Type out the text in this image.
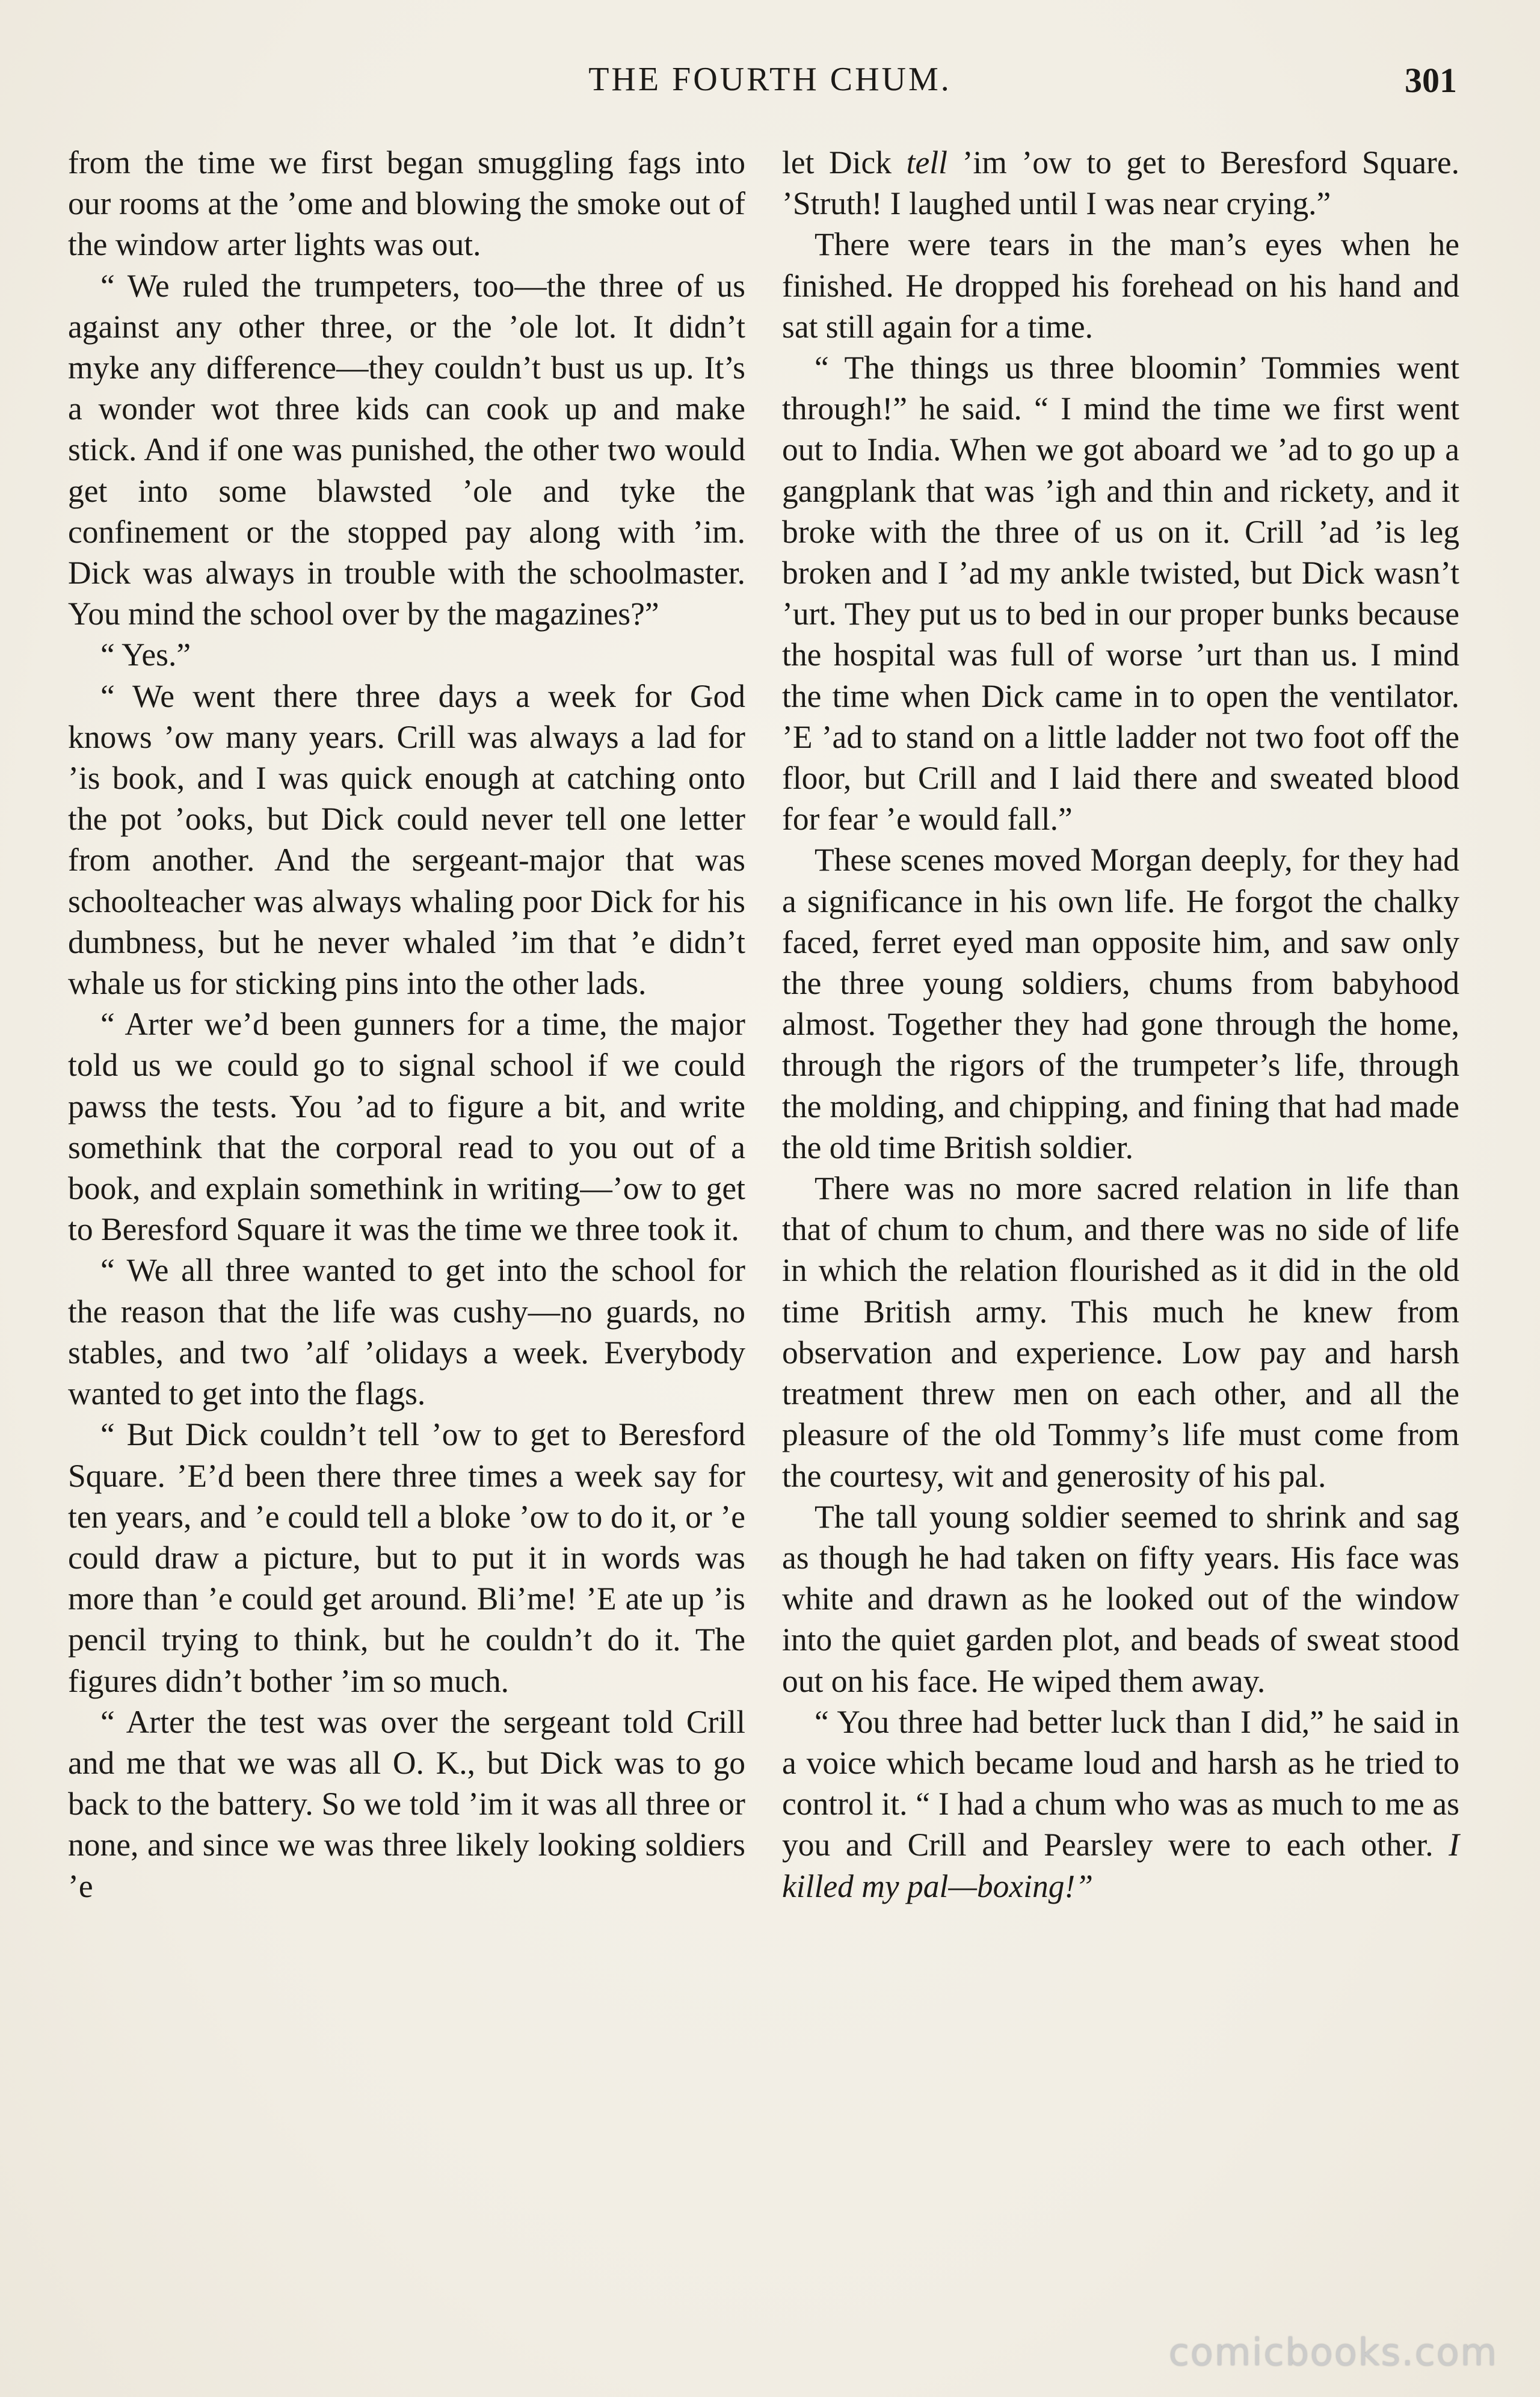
THE FOURTH CHUM.	301

from the time we first began smuggling fags into our rooms at the ’ome and blowing the smoke out of the window arter lights was out.

“ We ruled the trumpeters, too—the three of us against any other three, or the ’ole lot. It didn’t myke any difference—they couldn’t bust us up. It’s a wonder wot three kids can cook up and make stick. And if one was punished, the other two would get into some blawsted ’ole and tyke the confinement or the stopped pay along with ’im. Dick was always in trouble with the schoolmaster. You mind the school over by the magazines?”

“ Yes.”

“ We went there three days a week for God knows ’ow many years. Crill was always a lad for ’is book, and I was quick enough at catching onto the pot ’ooks, but Dick could never tell one letter from another. And the sergeant-major that was schoolteacher was always whaling poor Dick for his dumbness, but he never whaled ’im that ’e didn’t whale us for sticking pins into the other lads.

“ Arter we’d been gunners for a time, the major told us we could go to signal school if we could pawss the tests. You ’ad to figure a bit, and write somethink that the corporal read to you out of a book, and explain somethink in writing—’ow to get to Beresford Square it was the time we three took it.

“ We all three wanted to get into the school for the reason that the life was cushy—no guards, no stables, and two ’alf ’olidays a week. Everybody wanted to get into the flags.

“ But Dick couldn’t tell ’ow to get to Beresford Square. ’E’d been there three times a week say for ten years, and ’e could tell a bloke ’ow to do it, or ’e could draw a picture, but to put it in words was more than ’e could get around. Bli’me! ’E ate up ’is pencil trying to think, but he couldn’t do it. The figures didn’t bother ’im so much.

“ Arter the test was over the sergeant told Crill and me that we was all O. K., but Dick was to go back to the battery. So we told ’im it was all three or none, and since we was three likely looking soldiers ’e

let Dick tell ’im ’ow to get to Beresford Square. ’Struth! I laughed until I was near crying.”

There were tears in the man’s eyes when he finished. He dropped his forehead on his hand and sat still again for a time.

“ The things us three bloomin’ Tommies went through!” he said. “ I mind the time we first went out to India. When we got aboard we ’ad to go up a gangplank that was ’igh and thin and rickety, and it broke with the three of us on it. Crill ’ad ’is leg broken and I ’ad my ankle twisted, but Dick wasn’t ’urt. They put us to bed in our proper bunks because the hospital was full of worse ’urt than us. I mind the time when Dick came in to open the ventilator. ’E ’ad to stand on a little ladder not two foot off the floor, but Crill and I laid there and sweated blood for fear ’e would fall.”

These scenes moved Morgan deeply, for they had a significance in his own life. He forgot the chalky faced, ferret eyed man opposite him, and saw only the three young soldiers, chums from babyhood almost. Together they had gone through the home, through the rigors of the trumpeter’s life, through the molding, and chipping, and fining that had made the old time British soldier.

There was no more sacred relation in life than that of chum to chum, and there was no side of life in which the relation flourished as it did in the old time British army. This much he knew from observation and experience. Low pay and harsh treatment threw men on each other, and all the pleasure of the old Tommy’s life must come from the courtesy, wit and generosity of his pal.

The tall young soldier seemed to shrink and sag as though he had taken on fifty years. His face was white and drawn as he looked out of the window into the quiet garden plot, and beads of sweat stood out on his face. He wiped them away.

“ You three had better luck than I did,” he said in a voice which became loud and harsh as he tried to control it. “ I had a chum who was as much to me as you and Crill and Pearsley were to each other. I killed my pal—boxing!”

comicbooks.com
